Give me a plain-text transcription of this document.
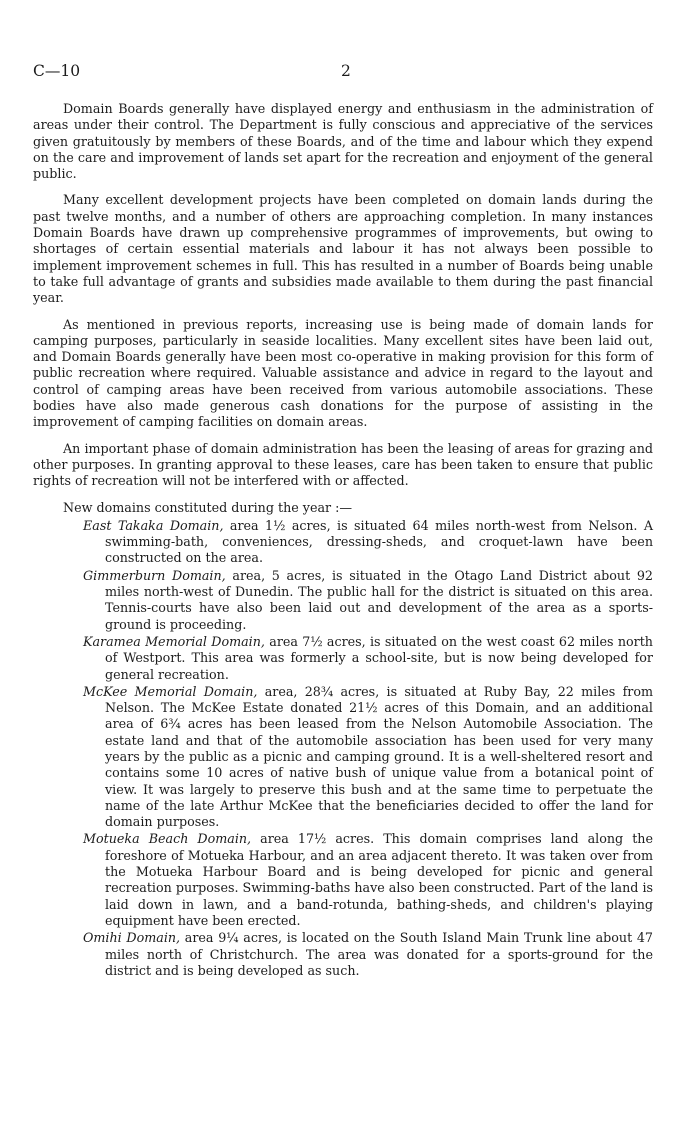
C—10	2

Domain Boards generally have displayed energy and enthusiasm in the administration of areas under their control. The Department is fully conscious and appreciative of the services given gratuitously by members of these Boards, and of the time and labour which they expend on the care and improvement of lands set apart for the recreation and enjoyment of the general public.

Many excellent development projects have been completed on domain lands during the past twelve months, and a number of others are approaching completion. In many instances Domain Boards have drawn up comprehensive programmes of improvements, but owing to shortages of certain essential materials and labour it has not always been possible to implement improvement schemes in full. This has resulted in a number of Boards being unable to take full advantage of grants and subsidies made available to them during the past financial year.

As mentioned in previous reports, increasing use is being made of domain lands for camping purposes, particularly in seaside localities. Many excellent sites have been laid out, and Domain Boards generally have been most co-operative in making provision for this form of public recreation where required. Valuable assistance and advice in regard to the layout and control of camping areas have been received from various automobile associations. These bodies have also made generous cash donations for the purpose of assisting in the improvement of camping facilities on domain areas.

An important phase of domain administration has been the leasing of areas for grazing and other purposes. In granting approval to these leases, care has been taken to ensure that public rights of recreation will not be interfered with or affected.

New domains constituted during the year :—

East Takaka Domain, area 1½ acres, is situated 64 miles north-west from Nelson. A swimming-bath, conveniences, dressing-sheds, and croquet-lawn have been constructed on the area.

Gimmerburn Domain, area, 5 acres, is situated in the Otago Land District about 92 miles north-west of Dunedin. The public hall for the district is situated on this area. Tennis-courts have also been laid out and development of the area as a sports-ground is proceeding.

Karamea Memorial Domain, area 7½ acres, is situated on the west coast 62 miles north of Westport. This area was formerly a school-site, but is now being developed for general recreation.

McKee Memorial Domain, area, 28¾ acres, is situated at Ruby Bay, 22 miles from Nelson. The McKee Estate donated 21½ acres of this Domain, and an additional area of 6¾ acres has been leased from the Nelson Automobile Association. The estate land and that of the automobile association has been used for very many years by the public as a picnic and camping ground. It is a well-sheltered resort and contains some 10 acres of native bush of unique value from a botanical point of view. It was largely to preserve this bush and at the same time to perpetuate the name of the late Arthur McKee that the beneficiaries decided to offer the land for domain purposes.

Motueka Beach Domain, area 17½ acres. This domain comprises land along the foreshore of Motueka Harbour, and an area adjacent thereto. It was taken over from the Motueka Harbour Board and is being developed for picnic and general recreation purposes. Swimming-baths have also been constructed. Part of the land is laid down in lawn, and a band-rotunda, bathing-sheds, and children's playing equipment have been erected.

Omihi Domain, area 9¼ acres, is located on the South Island Main Trunk line about 47 miles north of Christchurch. The area was donated for a sports-ground for the district and is being developed as such.
